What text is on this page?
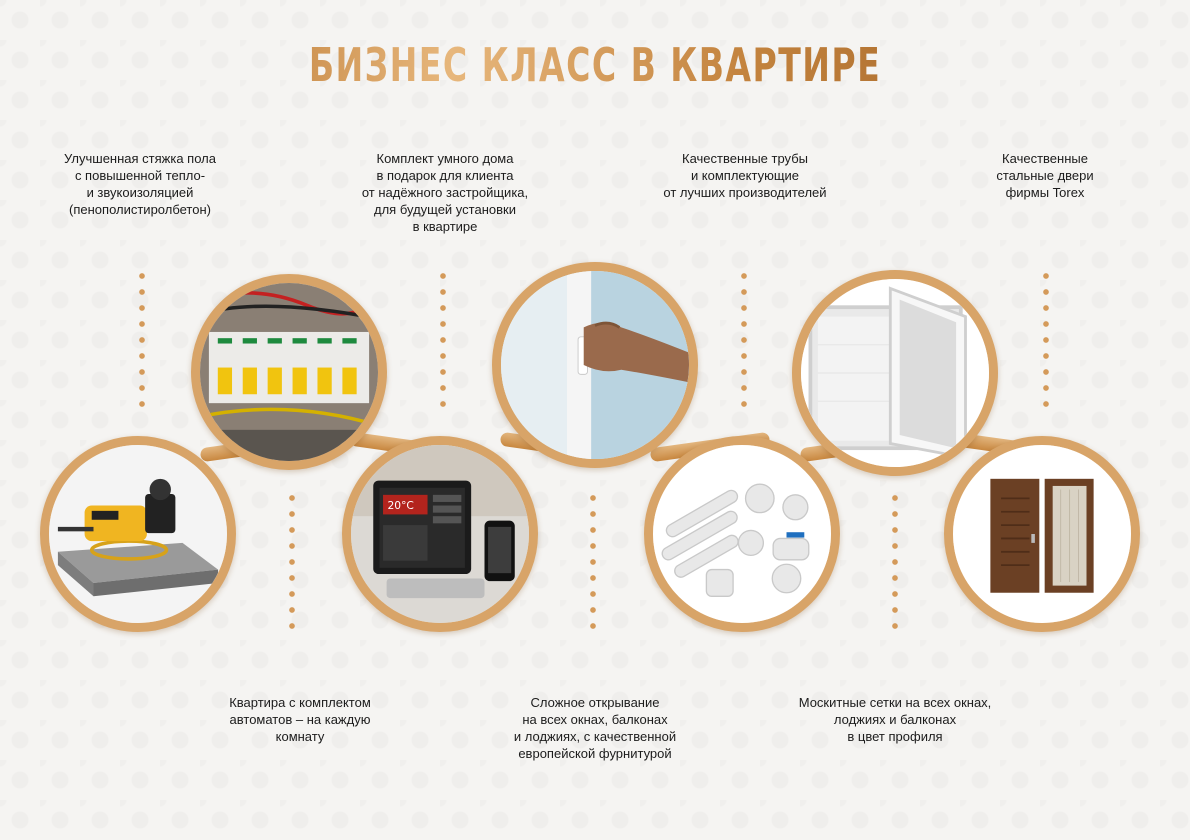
БИЗНЕС КЛАСС В КВАРТИРЕ
Улучшенная стяжка пола
с повышенной тепло-
и звукоизоляцией
(пенополистиролбетон)
Комплект умного дома
в подарок для клиента
от надёжного застройщика,
для будущей установки
в квартире
Качественные трубы
и комплектующие
от лучших производителей
Качественные
стальные двери
фирмы Torex
Квартира с комплектом
автоматов – на каждую
комнату
Сложное открывание
на всех окнах, балконах
и лоджиях, с качественной
европейской фурнитурой
Москитные сетки на всех окнах,
лоджиях и балконах
в цвет профиля
20°C
